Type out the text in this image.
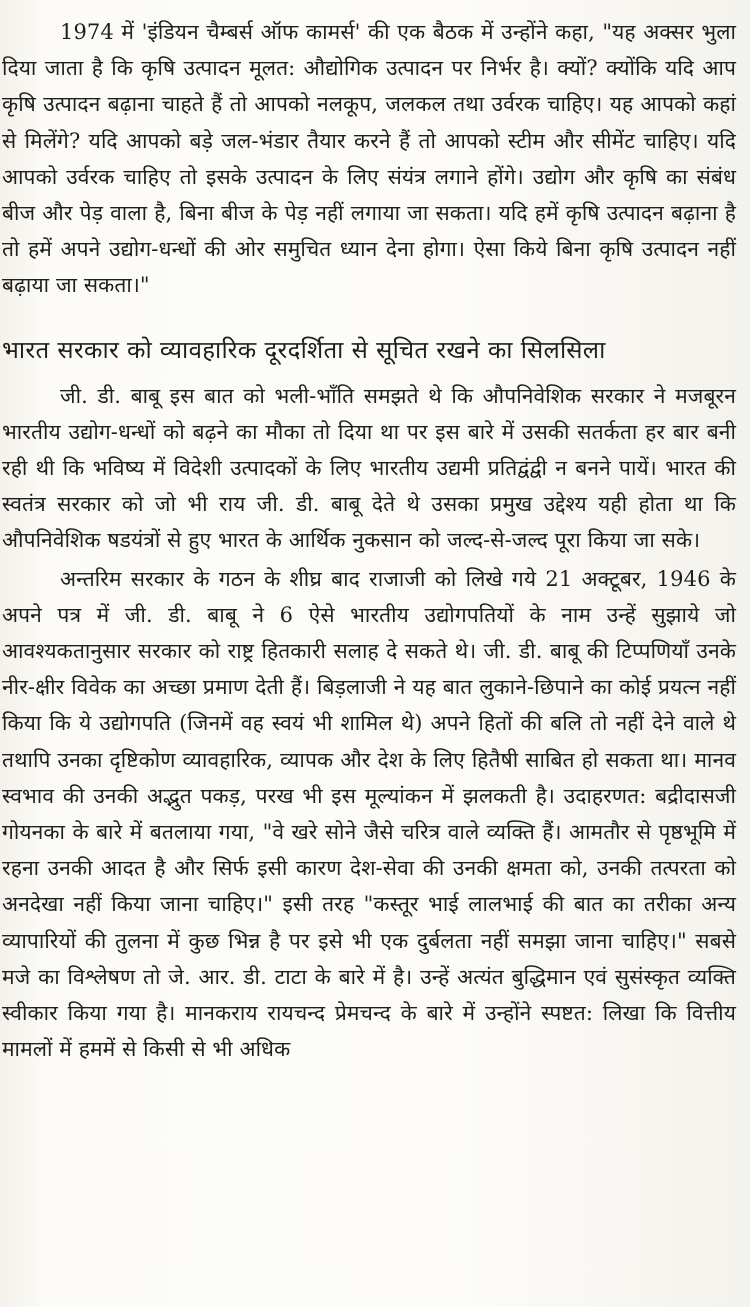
1974 में 'इंडियन चैम्बर्स ऑफ कामर्स' की एक बैठक में उन्होंने कहा, "यह अक्सर भुला दिया जाता है कि कृषि उत्पादन मूलत: औद्योगिक उत्पादन पर निर्भर है। क्यों? क्योंकि यदि आप कृषि उत्पादन बढ़ाना चाहते हैं तो आपको नलकूप, जलकल तथा उर्वरक चाहिए। यह आपको कहां से मिलेंगे? यदि आपको बड़े जल-भंडार तैयार करने हैं तो आपको स्टीम और सीमेंट चाहिए। यदि आपको उर्वरक चाहिए तो इसके उत्पादन के लिए संयंत्र लगाने होंगे। उद्योग और कृषि का संबंध बीज और पेड़ वाला है, बिना बीज के पेड़ नहीं लगाया जा सकता। यदि हमें कृषि उत्पादन बढ़ाना है तो हमें अपने उद्योग-धन्धों की ओर समुचित ध्यान देना होगा। ऐसा किये बिना कृषि उत्पादन नहीं बढ़ाया जा सकता।"

भारत सरकार को व्यावहारिक दूरदर्शिता से सूचित रखने का सिलसिला

जी. डी. बाबू इस बात को भली-भाँति समझते थे कि औपनिवेशिक सरकार ने मजबूरन भारतीय उद्योग-धन्धों को बढ़ने का मौका तो दिया था पर इस बारे में उसकी सतर्कता हर बार बनी रही थी कि भविष्य में विदेशी उत्पादकों के लिए भारतीय उद्यमी प्रतिद्वंद्वी न बनने पायें। भारत की स्वतंत्र सरकार को जो भी राय जी. डी. बाबू देते थे उसका प्रमुख उद्देश्य यही होता था कि औपनिवेशिक षडयंत्रों से हुए भारत के आर्थिक नुकसान को जल्द-से-जल्द पूरा किया जा सके।

अन्तरिम सरकार के गठन के शीघ्र बाद राजाजी को लिखे गये 21 अक्टूबर, 1946 के अपने पत्र में जी. डी. बाबू ने 6 ऐसे भारतीय उद्योगपतियों के नाम उन्हें सुझाये जो आवश्यकतानुसार सरकार को राष्ट्र हितकारी सलाह दे सकते थे। जी. डी. बाबू की टिप्पणियाँ उनके नीर-क्षीर विवेक का अच्छा प्रमाण देती हैं। बिड़लाजी ने यह बात लुकाने-छिपाने का कोई प्रयत्न नहीं किया कि ये उद्योगपति (जिनमें वह स्वयं भी शामिल थे) अपने हितों की बलि तो नहीं देने वाले थे तथापि उनका दृष्टिकोण व्यावहारिक, व्यापक और देश के लिए हितैषी साबित हो सकता था। मानव स्वभाव की उनकी अद्भुत पकड़, परख भी इस मूल्यांकन में झलकती है। उदाहरणत: बद्रीदासजी गोयनका के बारे में बतलाया गया, "वे खरे सोने जैसे चरित्र वाले व्यक्ति हैं। आमतौर से पृष्ठभूमि में रहना उनकी आदत है और सिर्फ इसी कारण देश-सेवा की उनकी क्षमता को, उनकी तत्परता को अनदेखा नहीं किया जाना चाहिए।" इसी तरह "कस्तूर भाई लालभाई की बात का तरीका अन्य व्यापारियों की तुलना में कुछ भिन्न है पर इसे भी एक दुर्बलता नहीं समझा जाना चाहिए।" सबसे मजे का विश्लेषण तो जे. आर. डी. टाटा के बारे में है। उन्हें अत्यंत बुद्धिमान एवं सुसंस्कृत व्यक्ति स्वीकार किया गया है। मानकराय रायचन्द प्रेमचन्द के बारे में उन्होंने स्पष्टत: लिखा कि वित्तीय मामलों में हममें से किसी से भी अधिक
